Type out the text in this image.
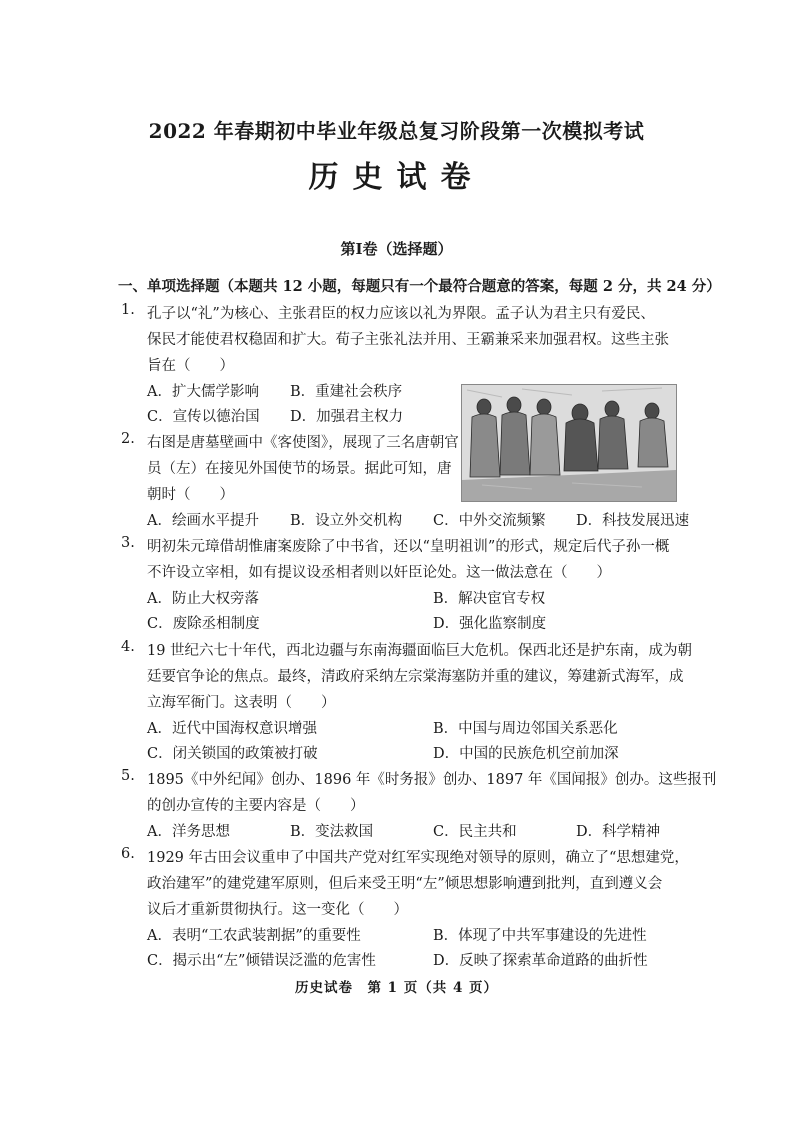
2022 年春期初中毕业年级总复习阶段第一次模拟考试
历史试卷
第Ⅰ卷（选择题）
一、单项选择题（本题共 12 小题，每题只有一个最符合题意的答案，每题 2 分，共 24 分）
1. 孔子以“礼”为核心、主张君臣的权力应该以礼为界限。孟子认为君主只有爱民、
保民才能使君权稳固和扩大。荀子主张礼法并用、王霸兼采来加强君权。这些主张
旨在（　　）
A．扩大儒学影响 B．重建社会秩序
C．宣传以德治国 D．加强君主权力
2. 右图是唐墓壁画中《客使图》，展现了三名唐朝官
员（左）在接见外国使节的场景。据此可知，唐
朝时（　　）
A．绘画水平提升 B．设立外交机构 C．中外交流频繁 D．科技发展迅速
3. 明初朱元璋借胡惟庸案废除了中书省，还以“皇明祖训”的形式，规定后代子孙一概
不许设立宰相，如有提议设丞相者则以奸臣论处。这一做法意在（　　）
A．防止大权旁落	B．解决宦官专权
C．废除丞相制度	D．强化监察制度
4. 19 世纪六七十年代，西北边疆与东南海疆面临巨大危机。保西北还是护东南，成为朝
廷要官争论的焦点。最终，清政府采纳左宗棠海塞防并重的建议，筹建新式海军，成
立海军衙门。这表明（　　）
A．近代中国海权意识增强	B．中国与周边邻国关系恶化
C．闭关锁国的政策被打破	D．中国的民族危机空前加深
5. 1895《中外纪闻》创办、1896 年《时务报》创办、1897 年《国闻报》创办。这些报刊
的创办宣传的主要内容是（　　）
A．洋务思想	B．变法救国	C．民主共和	D．科学精神
6. 1929 年古田会议重申了中国共产党对红军实现绝对领导的原则，确立了“思想建党，
政治建军”的建党建军原则，但后来受王明“左”倾思想影响遭到批判，直到遵义会
议后才重新贯彻执行。这一变化（　　）
A．表明“工农武装割据”的重要性	B．体现了中共军事建设的先进性
C．揭示出“左”倾错误泛滥的危害性	D．反映了探索革命道路的曲折性
历史试卷　第 1 页（共 4 页）
